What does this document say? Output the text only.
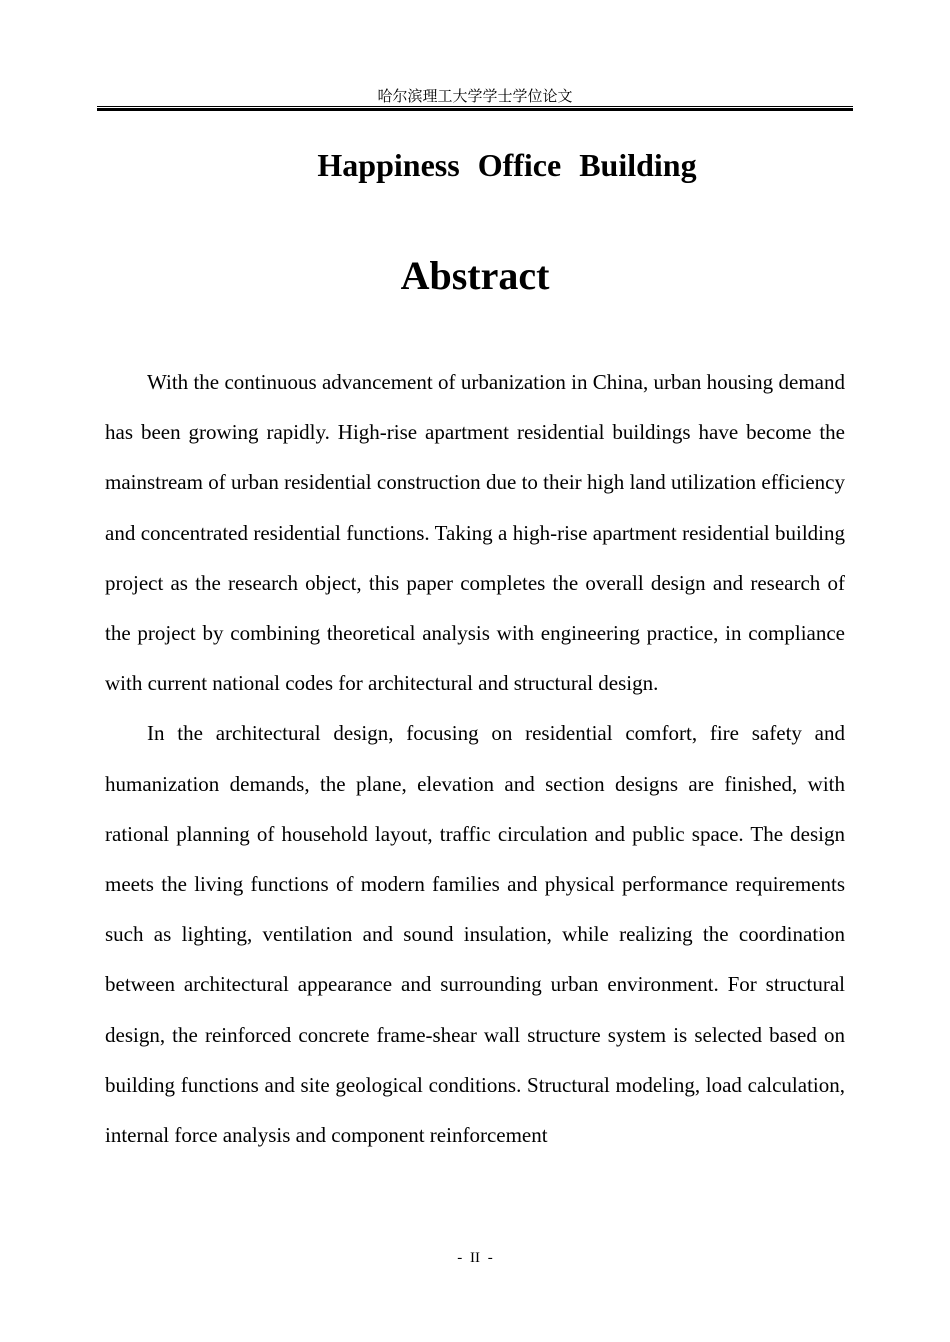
哈尔滨理工大学学士学位论文
Happiness Office Building
Abstract

With the continuous advancement of urbanization in China, urban housing demand has been growing rapidly. High-rise apartment residential buildings have become the mainstream of urban residential construction due to their high land utilization efficiency and concentrated residential functions. Taking a high-rise apartment residential building project as the research object, this paper completes the overall design and research of the project by combining theoretical analysis with engineering practice, in compliance with current national codes for architectural and structural design.

In the architectural design, focusing on residential comfort, fire safety and humanization demands, the plane, elevation and section designs are finished, with rational planning of household layout, traffic circulation and public space. The design meets the living functions of modern families and physical performance requirements such as lighting, ventilation and sound insulation, while realizing the coordination between architectural appearance and surrounding urban environment. For structural design, the reinforced concrete frame-shear wall structure system is selected based on building functions and site geological conditions. Structural modeling, load calculation, internal force analysis and component reinforcement

- II -
